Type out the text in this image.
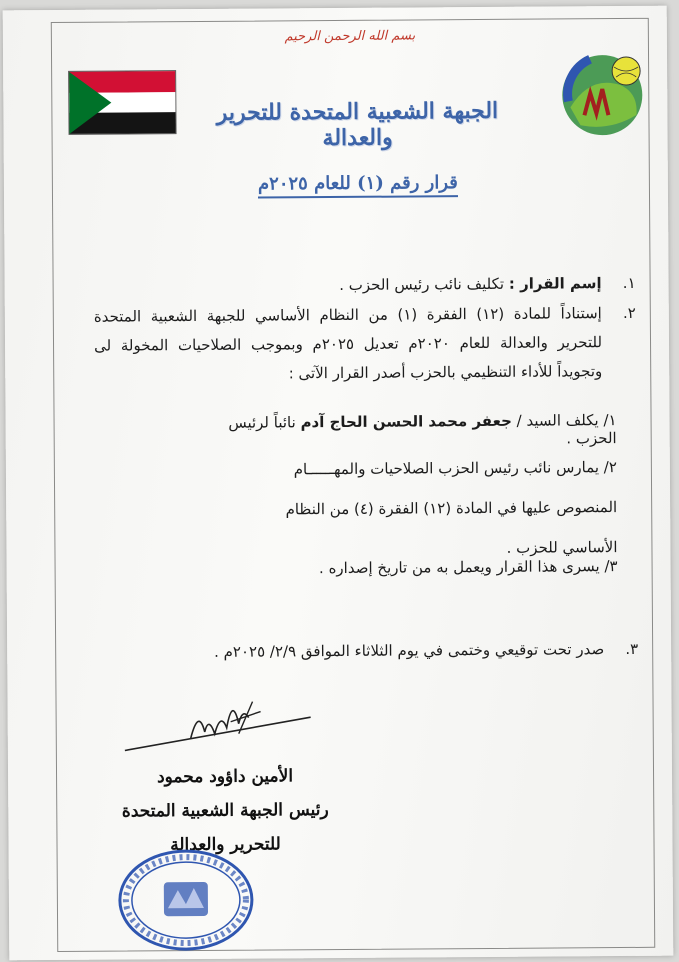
بسم الله الرحمن الرحيم
الجبهة الشعبية المتحدة للتحرير والعدالة
قرار رقم (١) للعام ٢٠٢٥م
١.
إسم القرار : تكليف نائب رئيس الحزب .
٢.
إستناداً للمادة (١٢) الفقرة (١) من النظام الأساسي للجبهة الشعبية المتحدة للتحرير والعدالة للعام ٢٠٢٠م تعديل ٢٠٢٥م وبموجب الصلاحيات المخولة لى وتجويداً للأداء التنظيمي بالحزب أصدر القرار الآتى :
١/ يكلف السيد / جعفر محمد الحسن الحاج آدم نائباً لرئيس الحزب .
٢/ يمارس نائب رئيس الحزب الصلاحيات والمهــــــام المنصوص عليها في المادة (١٢) الفقرة (٤) من النظام الأساسي للحزب .
٣/ يسرى هذا القرار ويعمل به من تاريخ إصداره .
٣.
صدر تحت توقيعي وختمى في يوم الثلاثاء الموافق ٢/٩/ ٢٠٢٥م .
الأمين داؤود محمود
رئيس الجبهة الشعبية المتحدة
للتحرير والعدالة
